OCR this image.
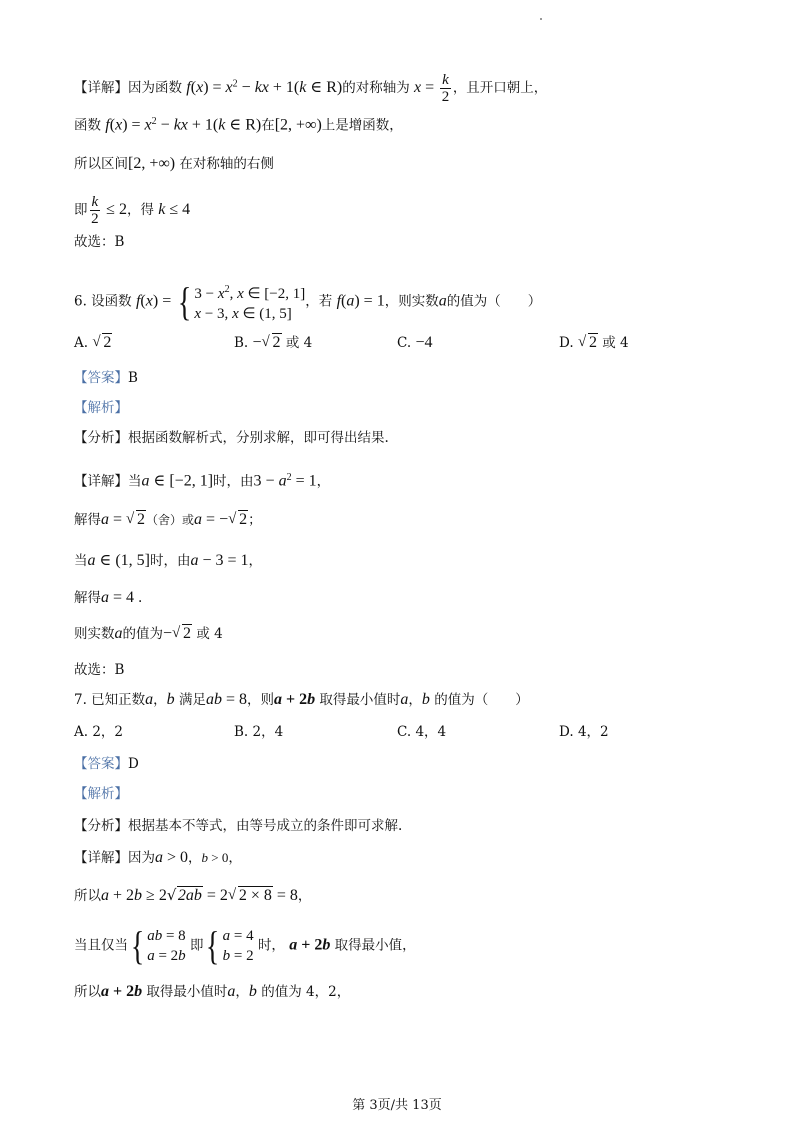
【详解】因为函数 $f(x) = x^2$ − kx + 1(k ∈ R)的对称轴为 $x = \frac{k}{2}$ ，且开口朝上，
函数 $f(x) = x^2$ − kx + 1(k ∈ R)在[2, +∞)上是增函数，
所以区间[2, +∞) 在对称轴的右侧
即 $\frac{k}{2} \le 2$，得 k ≤ 4
故选：B
6. 设函数 f(x) = { $3 - x^2$, x ∈ [−2, 1]
x − 3, x ∈ (1, 5]
，若 f(a) = 1，则实数a的值为（　　）
A. √ 2	B. − √ 2 或 4	C. −4	D. √ 2 或 4
【答案】B
【解析】
【分析】根据函数解析式，分别求解，即可得出结果.
【详解】当a ∈ [−2, 1]时，由$3 - a^2 = 1$，
解得a = √ 2（舍）或a = − √ 2；
当a ∈ (1, 5]时，由a − 3 = 1，
解得a = 4 .
则实数a的值为− √ 2 或 4
故选：B
7. 已知正数a，b 满足ab = 8，则a + 2b 取得最小值时a，b 的值为（　　）
A. 2，2	B. 2，4	C. 4，4	D. 4，2
【答案】D
【解析】
【分析】根据基本不等式，由等号成立的条件即可求解.
【详解】因为a > 0，b > 0，
所以a + 2b ≥ 2 √ 2ab = 2 √ 2 × 8 = 8，
当且仅当{ ab = 8
a = 2b
即{ a = 4
b = 2
时， a + 2b 取得最小值，
所以a + 2b 取得最小值时a，b 的值为 4，2，
第 3页/共 13页
